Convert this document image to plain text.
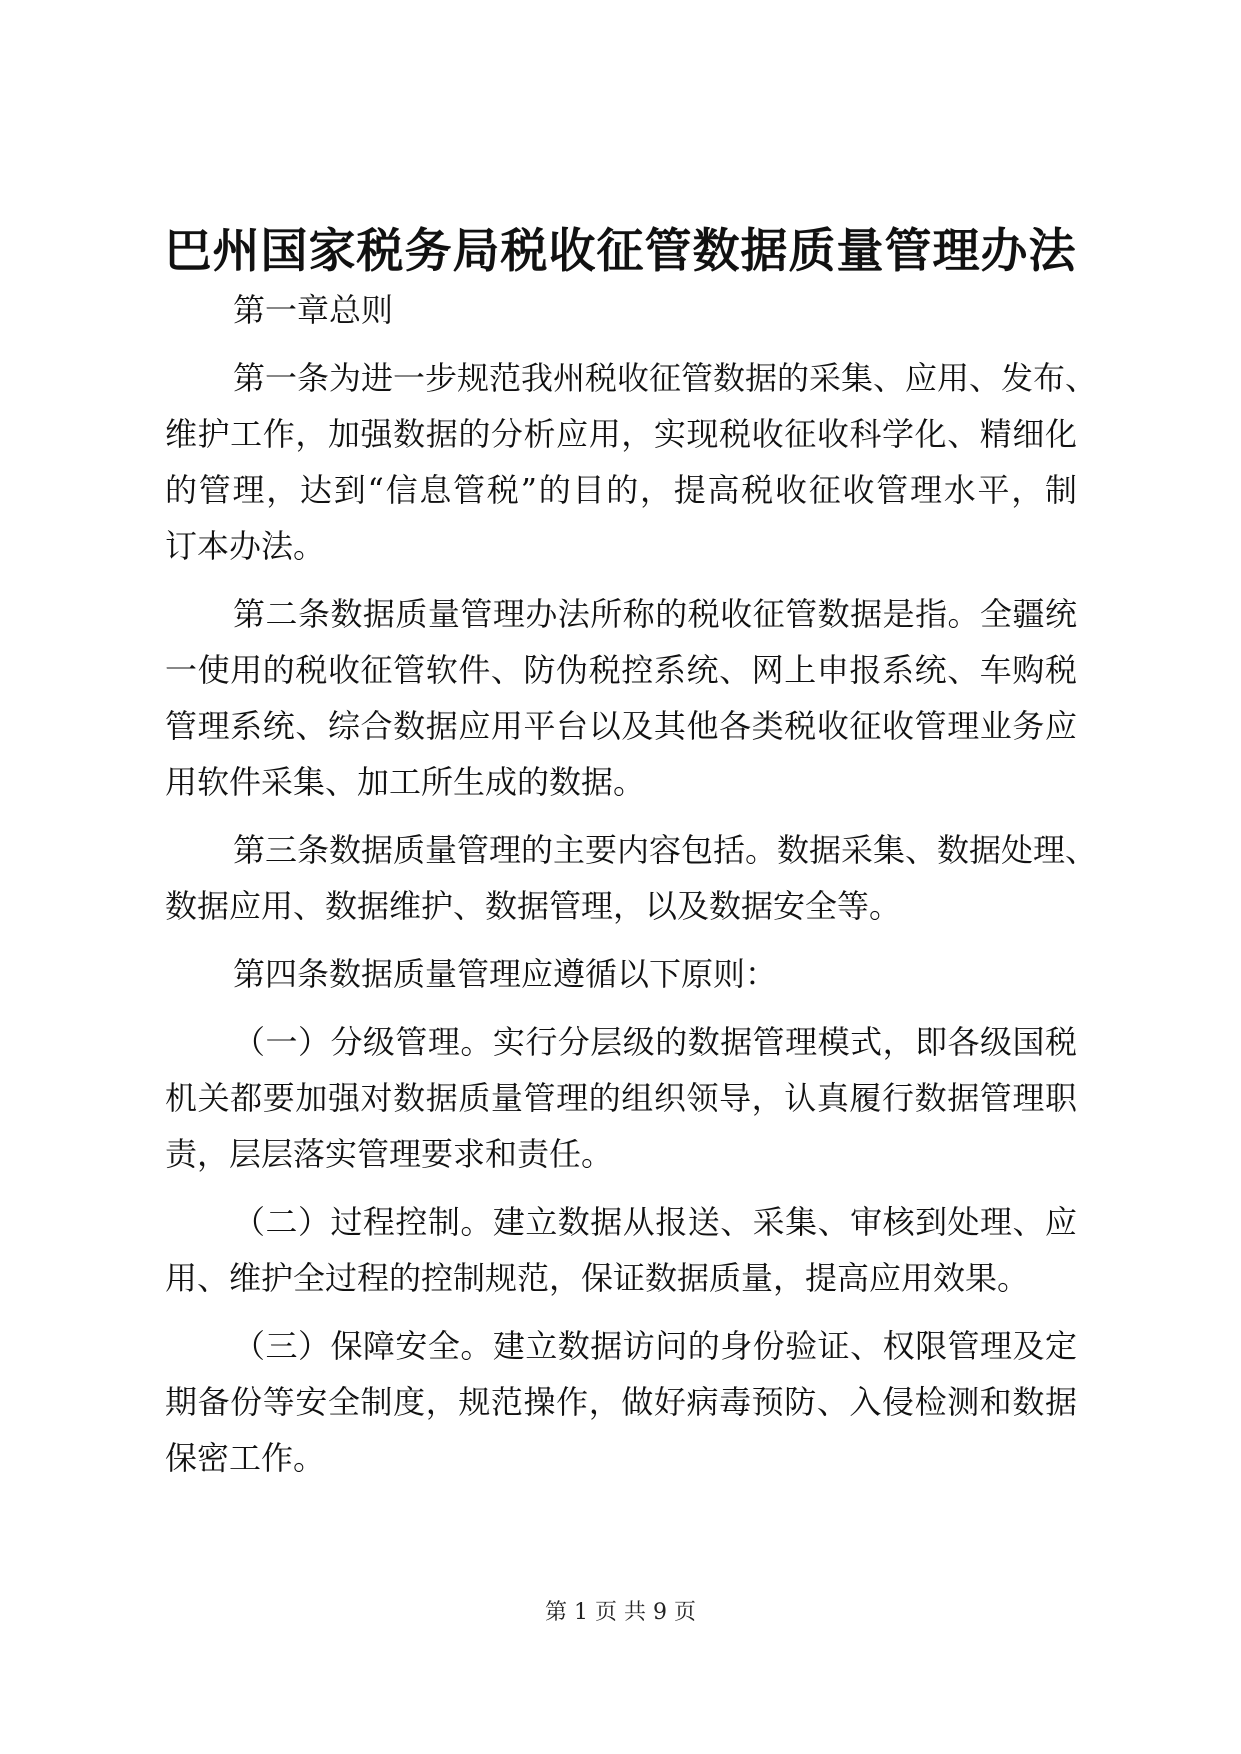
巴州国家税务局税收征管数据质量管理办法
第一章总则
第一条为进一步规范我州税收征管数据的采集、应用、发布、
维护工作，加强数据的分析应用，实现税收征收科学化、精细化
的管理，达到“信息管税”的目的，提高税收征收管理水平，制
订本办法。
第二条数据质量管理办法所称的税收征管数据是指。全疆统
一使用的税收征管软件、防伪税控系统、网上申报系统、车购税
管理系统、综合数据应用平台以及其他各类税收征收管理业务应
用软件采集、加工所生成的数据。
第三条数据质量管理的主要内容包括。数据采集、数据处理、
数据应用、数据维护、数据管理，以及数据安全等。
第四条数据质量管理应遵循以下原则：
（一）分级管理。实行分层级的数据管理模式，即各级国税
机关都要加强对数据质量管理的组织领导，认真履行数据管理职
责，层层落实管理要求和责任。
（二）过程控制。建立数据从报送、采集、审核到处理、应
用、维护全过程的控制规范，保证数据质量，提高应用效果。
（三）保障安全。建立数据访问的身份验证、权限管理及定
期备份等安全制度，规范操作，做好病毒预防、入侵检测和数据
保密工作。
第 1 页 共 9 页
